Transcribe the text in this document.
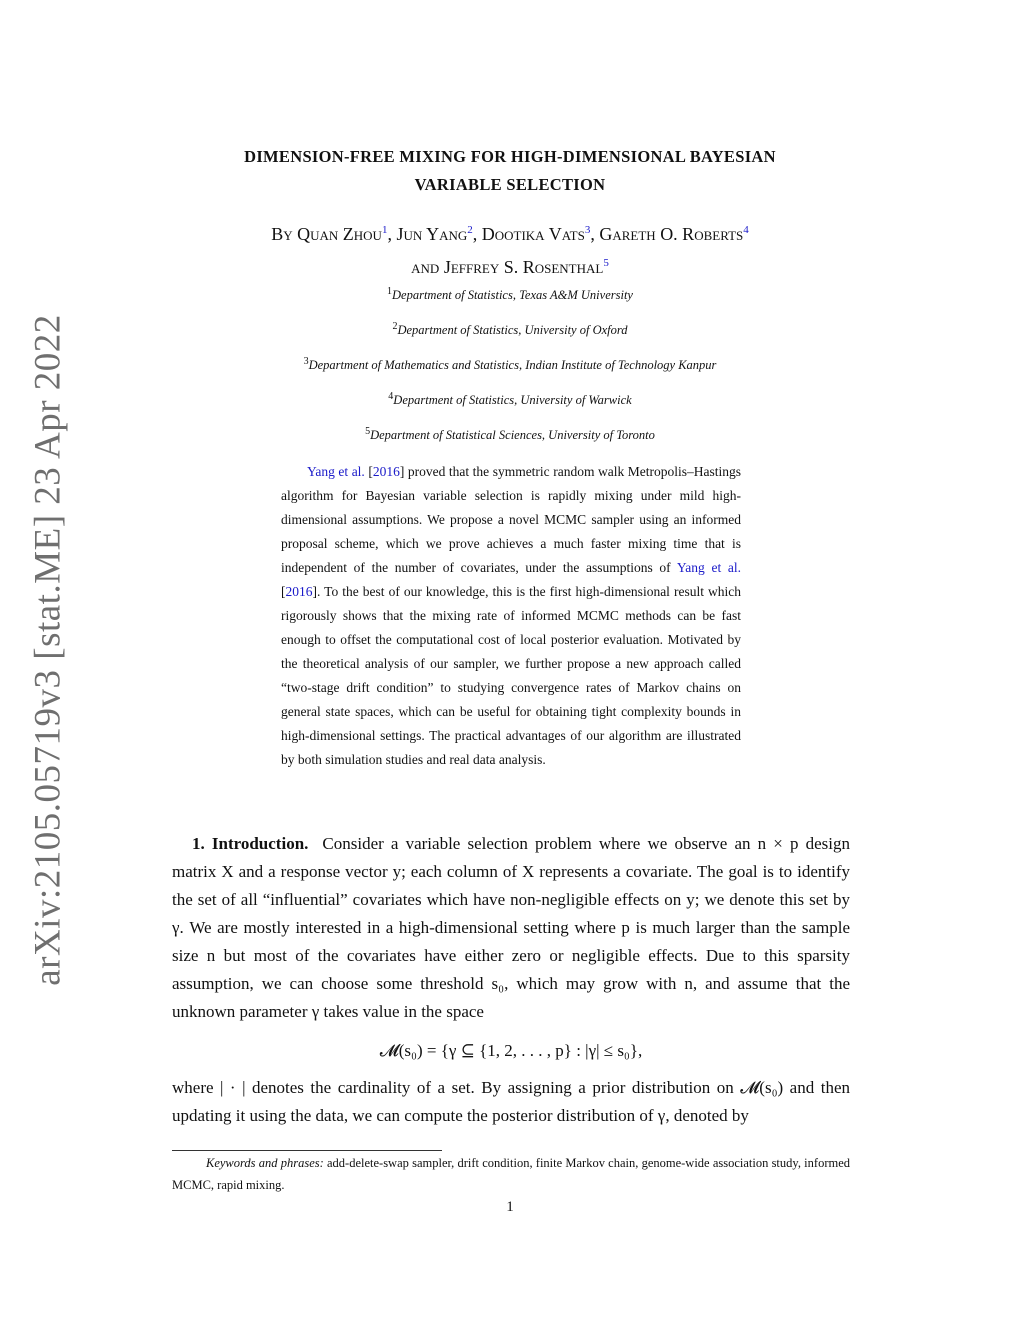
arXiv:2105.05719v3 [stat.ME] 23 Apr 2022
DIMENSION-FREE MIXING FOR HIGH-DIMENSIONAL BAYESIAN
VARIABLE SELECTION
By Quan Zhou$^1$, Jun Yang$^2$, Dootika Vats$^3$, Gareth O. Roberts$^4$
and Jeffrey S. Rosenthal$^5$
$^1$Department of Statistics, Texas A&M University
$^2$Department of Statistics, University of Oxford
$^3$Department of Mathematics and Statistics, Indian Institute of Technology Kanpur
$^4$Department of Statistics, University of Warwick
$^5$Department of Statistical Sciences, University of Toronto
Yang et al. [2016] proved that the symmetric random walk Metropolis–Hastings algorithm for Bayesian variable selection is rapidly mixing under mild high-dimensional assumptions. We propose a novel MCMC sampler using an informed proposal scheme, which we prove achieves a much faster mixing time that is independent of the number of covariates, under the assumptions of Yang et al. [2016]. To the best of our knowledge, this is the first high-dimensional result which rigorously shows that the mixing rate of informed MCMC methods can be fast enough to offset the computational cost of local posterior evaluation. Motivated by the theoretical analysis of our sampler, we further propose a new approach called “two-stage drift condition” to studying convergence rates of Markov chains on general state spaces, which can be useful for obtaining tight complexity bounds in high-dimensional settings. The practical advantages of our algorithm are illustrated by both simulation studies and real data analysis.
1. Introduction. Consider a variable selection problem where we observe an n × p design matrix X and a response vector y; each column of X represents a covariate. The goal is to identify the set of all “influential” covariates which have non-negligible effects on y; we denote this set by γ. We are mostly interested in a high-dimensional setting where p is much larger than the sample size n but most of the covariates have either zero or negligible effects. Due to this sparsity assumption, we can choose some threshold s₀, which may grow with n, and assume that the unknown parameter γ takes value in the space
𝓜(s₀) = {γ ⊆ {1, 2, . . . , p} : |γ| ≤ s₀},
where | · | denotes the cardinality of a set. By assigning a prior distribution on 𝓜(s₀) and then updating it using the data, we can compute the posterior distribution of γ, denoted by
Keywords and phrases: add-delete-swap sampler, drift condition, finite Markov chain, genome-wide association study, informed MCMC, rapid mixing.
1
